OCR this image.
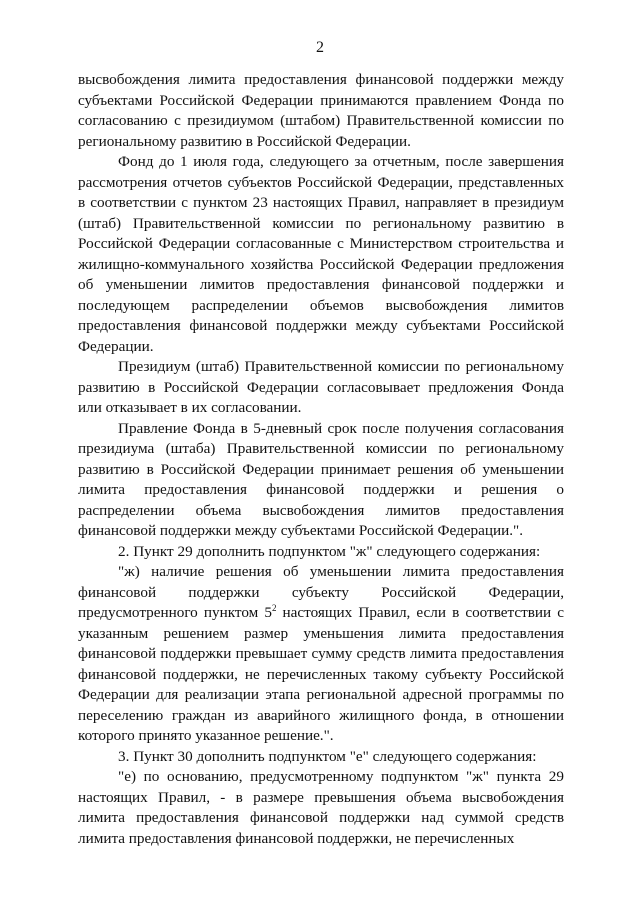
2

высвобождения лимита предоставления финансовой поддержки между субъектами Российской Федерации принимаются правлением Фонда по согласованию с президиумом (штабом) Правительственной комиссии по региональному развитию в Российской Федерации.

Фонд до 1 июля года, следующего за отчетным, после завершения рассмотрения отчетов субъектов Российской Федерации, представленных в соответствии с пунктом 23 настоящих Правил, направляет в президиум (штаб) Правительственной комиссии по региональному развитию в Российской Федерации согласованные с Министерством строительства и жилищно-коммунального хозяйства Российской Федерации предложения об уменьшении лимитов предоставления финансовой поддержки и последующем распределении объемов высвобождения лимитов предоставления финансовой поддержки между субъектами Российской Федерации.

Президиум (штаб) Правительственной комиссии по региональному развитию в Российской Федерации согласовывает предложения Фонда или отказывает в их согласовании.

Правление Фонда в 5-дневный срок после получения согласования президиума (штаба) Правительственной комиссии по региональному развитию в Российской Федерации принимает решения об уменьшении лимита предоставления финансовой поддержки и решения о распределении объема высвобождения лимитов предоставления финансовой поддержки между субъектами Российской Федерации.".

2. Пункт 29 дополнить подпунктом "ж" следующего содержания:

"ж) наличие решения об уменьшении лимита предоставления финансовой поддержки субъекту Российской Федерации, предусмотренного пунктом $5^2$ настоящих Правил, если в соответствии с указанным решением размер уменьшения лимита предоставления финансовой поддержки превышает сумму средств лимита предоставления финансовой поддержки, не перечисленных такому субъекту Российской Федерации для реализации этапа региональной адресной программы по переселению граждан из аварийного жилищного фонда, в отношении которого принято указанное решение.".

3. Пункт 30 дополнить подпунктом "е" следующего содержания:

"е) по основанию, предусмотренному подпунктом "ж" пункта 29 настоящих Правил, - в размере превышения объема высвобождения лимита предоставления финансовой поддержки над суммой средств лимита предоставления финансовой поддержки, не перечисленных
